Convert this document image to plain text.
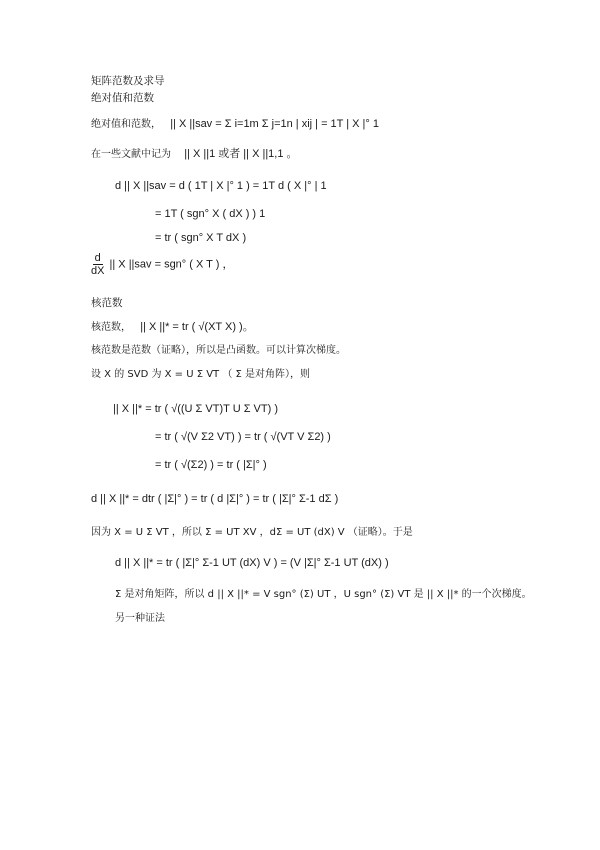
矩阵范数及求导
绝对值和范数
绝对值和范数， || X ||sav = Σ i=1m Σ j=1n | xij | = 1T | X |° 1
在一些文献中记为 || X ||1 或者 || X ||1,1 。
d || X ||sav = d ( 1T | X |° 1 ) = 1T d ( X |° | 1
= 1T ( sgn° X ( dX ) ) 1
= tr ( sgn° X T dX )
$\frac{d}{dX}$ || X ||sav = sgn° ( X T ) ，
核范数
核范数， || X ||* = tr ( √(XT X) )。
核范数是范数（证略），所以是凸函数。可以计算次梯度。
设 X 的 SVD 为 X = U Σ VT （ Σ 是对角阵），则
|| X ||* = tr ( √((U Σ VT)T U Σ VT) )
= tr ( √(V Σ2 VT) ) = tr ( √(VT V Σ2) )
= tr ( √(Σ2) ) = tr ( |Σ|° )
d || X ||* = dtr ( |Σ|° ) = tr ( d |Σ|° ) = tr ( |Σ|° Σ-1 dΣ )
因为 X = U Σ VT ，所以 Σ = UT XV ，dΣ = UT (dX) V （证略）。于是
d || X ||* = tr ( |Σ|° Σ-1 UT (dX) V ) = (V |Σ|° Σ-1 UT (dX) )
Σ 是对角矩阵，所以 d || X ||* = V sgn° (Σ) UT ，U sgn° (Σ) VT 是 || X ||* 的一个次梯度。
另一种证法
